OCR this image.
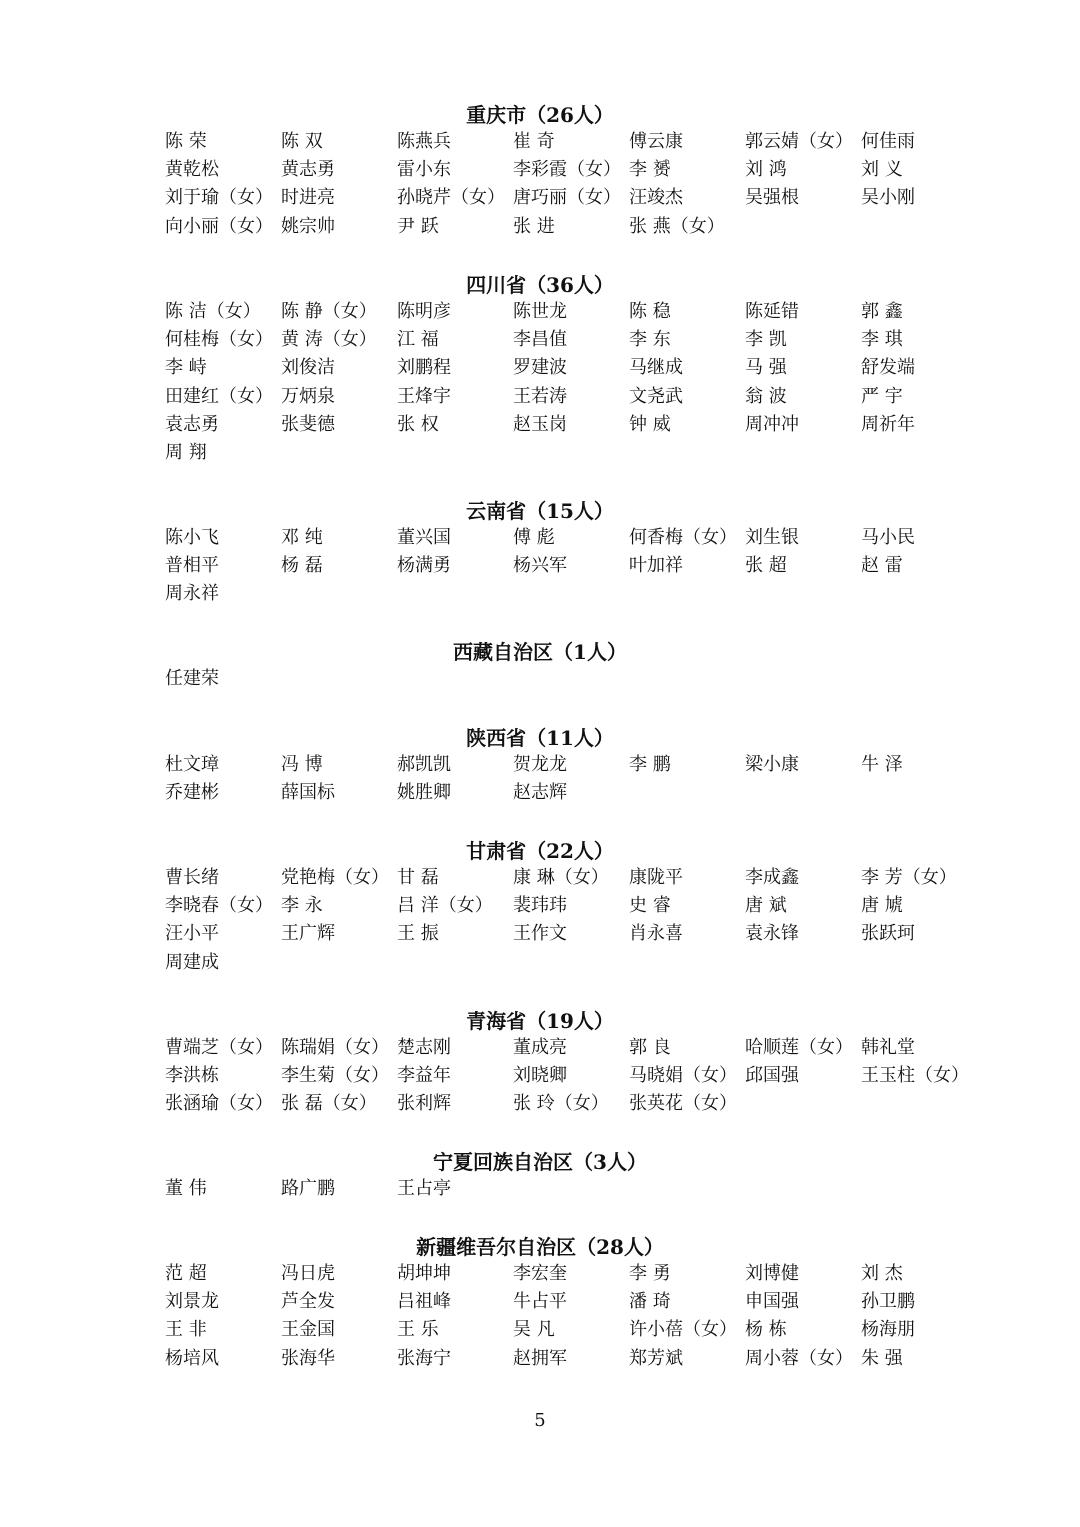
重庆市（26人）
陈 荣	陈 双	陈燕兵	崔 奇	傅云康	郭云婧（女） 何佳雨
黄乾松	黄志勇	雷小东	李彩霞（女） 李 赟	刘 鸿	刘 义
刘于瑜（女） 时进亮	孙晓芹（女） 唐巧丽（女） 汪竣杰	吴强根	吴小刚
向小丽（女） 姚宗帅	尹 跃	张 进	张 燕（女）
四川省（36人）
陈 洁（女） 陈 静（女） 陈明彦	陈世龙	陈 稳	陈延错	郭 鑫
何桂梅（女） 黄 涛（女） 江 福	李昌值	李 东	李 凯	李 琪
李 峙	刘俊洁	刘鹏程	罗建波	马继成	马 强	舒发端
田建红（女） 万炳泉	王烽宇	王若涛	文尧武	翁 波	严 宇
袁志勇	张斐德	张 权	赵玉岗	钟 威	周冲冲	周祈年
周 翔
云南省（15人）
陈小飞	邓 纯	董兴国	傅 彪	何香梅（女） 刘生银	马小民
普相平	杨 磊	杨满勇	杨兴军	叶加祥	张 超	赵 雷
周永祥
西藏自治区（1人）
任建荣
陕西省（11人）
杜文璋	冯 博	郝凯凯	贺龙龙	李 鹏	梁小康	牛 泽
乔建彬	薛国标	姚胜卿	赵志辉
甘肃省（22人）
曹长绪	党艳梅（女） 甘 磊	康 琳（女） 康陇平	李成鑫	李 芳（女）
李晓春（女） 李 永	吕 洋（女） 裴玮玮	史 睿	唐 斌	唐 虓
汪小平	王广辉	王 振	王作文	肖永喜	袁永锋	张跃珂
周建成
青海省（19人）
曹端芝（女） 陈瑞娟（女） 楚志刚	董成亮	郭 良	哈顺莲（女） 韩礼堂
李洪栋	李生菊（女） 李益年	刘晓卿	马晓娟（女） 邱国强	王玉柱（女）
张涵瑜（女） 张 磊（女） 张利辉	张 玲（女） 张英花（女）
宁夏回族自治区（3人）
董 伟	路广鹏	王占亭
新疆维吾尔自治区（28人）
范 超	冯日虎	胡坤坤	李宏奎	李 勇	刘博健	刘 杰
刘景龙	芦全发	吕祖峰	牛占平	潘 琦	申国强	孙卫鹏
王 非	王金国	王 乐	吴 凡	许小蓓（女） 杨 栋	杨海朋
杨培风	张海华	张海宁	赵拥军	郑芳斌	周小蓉（女） 朱 强
5
